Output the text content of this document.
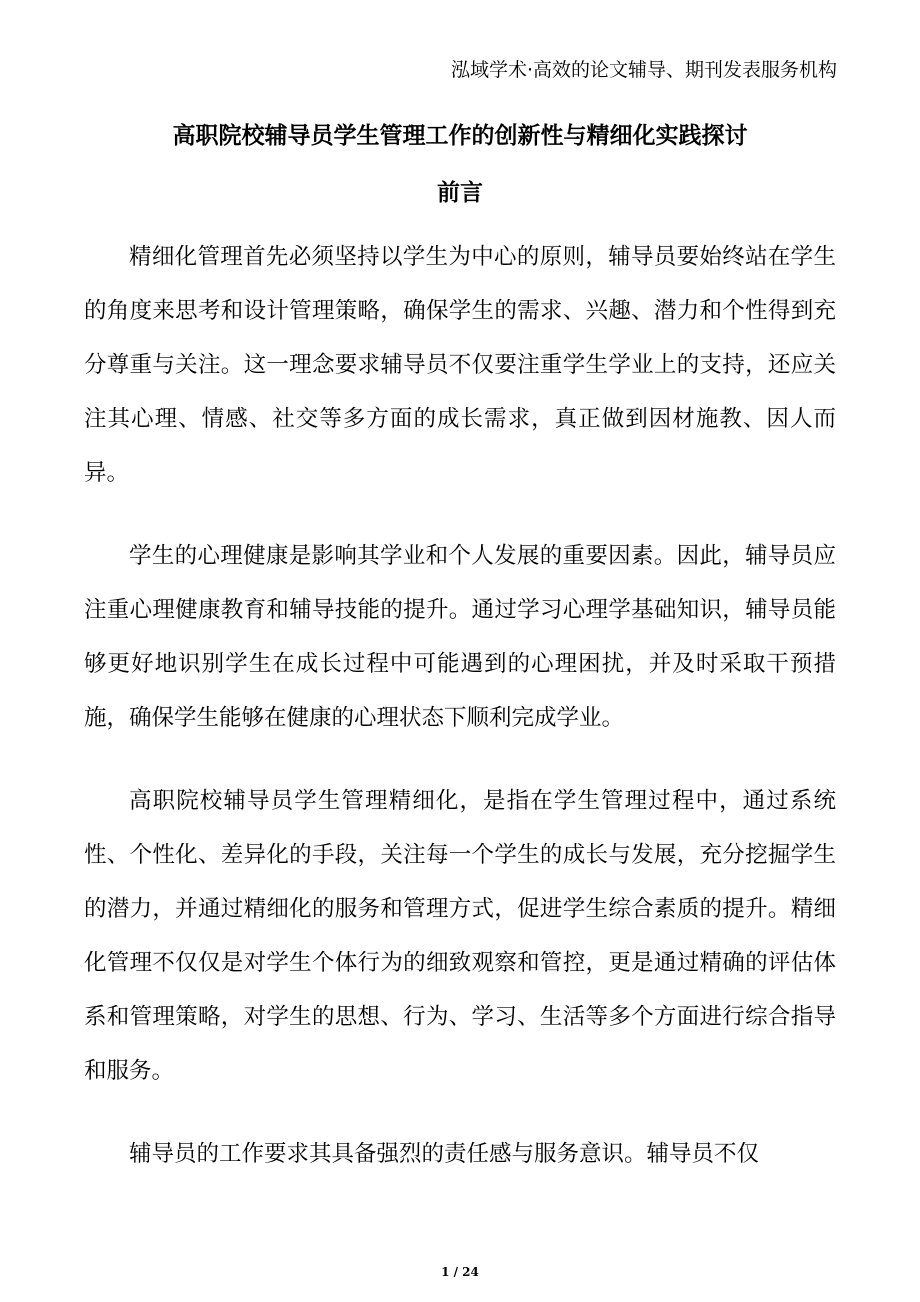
泓域学术·高效的论文辅导、期刊发表服务机构
高职院校辅导员学生管理工作的创新性与精细化实践探讨
前言

精细化管理首先必须坚持以学生为中心的原则，辅导员要始终站在学生的角度来思考和设计管理策略，确保学生的需求、兴趣、潜力和个性得到充分尊重与关注。这一理念要求辅导员不仅要注重学生学业上的支持，还应关注其心理、情感、社交等多方面的成长需求，真正做到因材施教、因人而异。

学生的心理健康是影响其学业和个人发展的重要因素。因此，辅导员应注重心理健康教育和辅导技能的提升。通过学习心理学基础知识，辅导员能够更好地识别学生在成长过程中可能遇到的心理困扰，并及时采取干预措施，确保学生能够在健康的心理状态下顺利完成学业。

高职院校辅导员学生管理精细化，是指在学生管理过程中，通过系统性、个性化、差异化的手段，关注每一个学生的成长与发展，充分挖掘学生的潜力，并通过精细化的服务和管理方式，促进学生综合素质的提升。精细化管理不仅仅是对学生个体行为的细致观察和管控，更是通过精确的评估体系和管理策略，对学生的思想、行为、学习、生活等多个方面进行综合指导和服务。

辅导员的工作要求其具备强烈的责任感与服务意识。辅导员不仅

1 / 24
